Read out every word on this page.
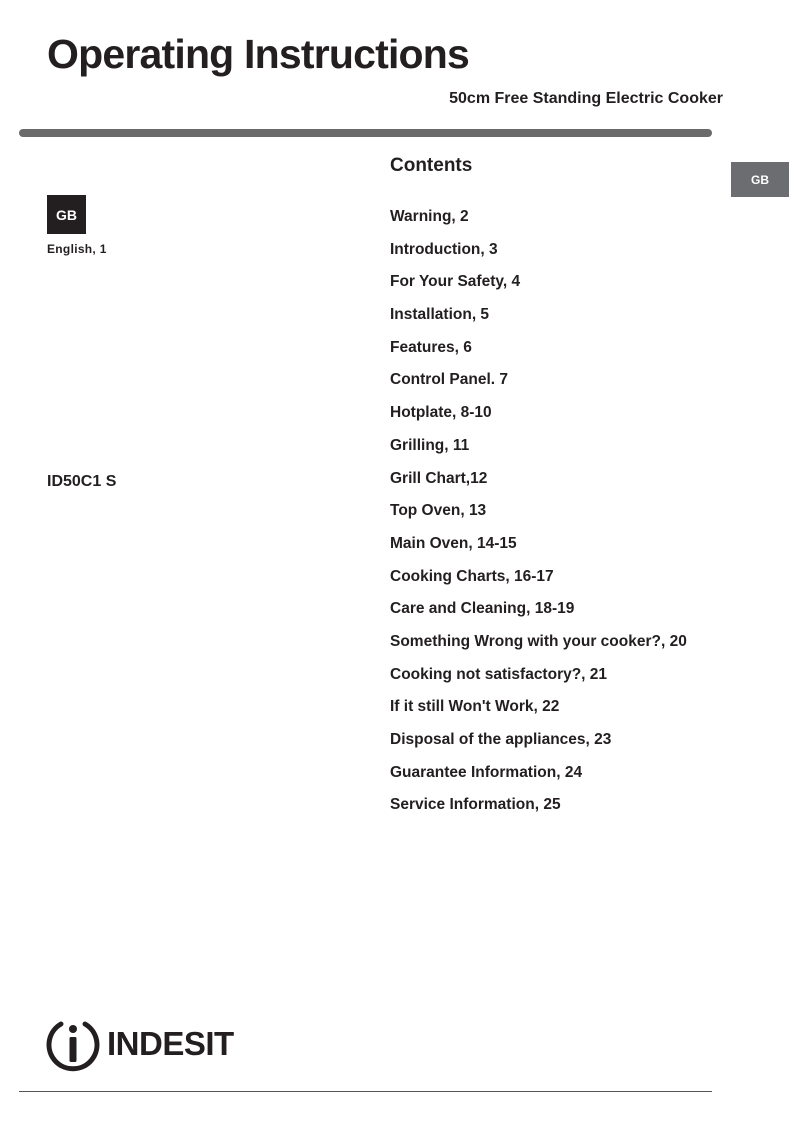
Operating Instructions
50cm Free Standing Electric Cooker
GB
GB
English, 1
ID50C1 S
Contents
Warning, 2
Introduction, 3
For Your Safety, 4
Installation, 5
Features, 6
Control Panel. 7
Hotplate, 8-10
Grilling, 11
Grill Chart,12
Top Oven, 13
Main Oven, 14-15
Cooking Charts, 16-17
Care and Cleaning, 18-19
Something Wrong with your cooker?, 20
Cooking not satisfactory?, 21
If it still Won't Work, 22
Disposal of the appliances, 23
Guarantee Information, 24
Service Information, 25
INDESIT
